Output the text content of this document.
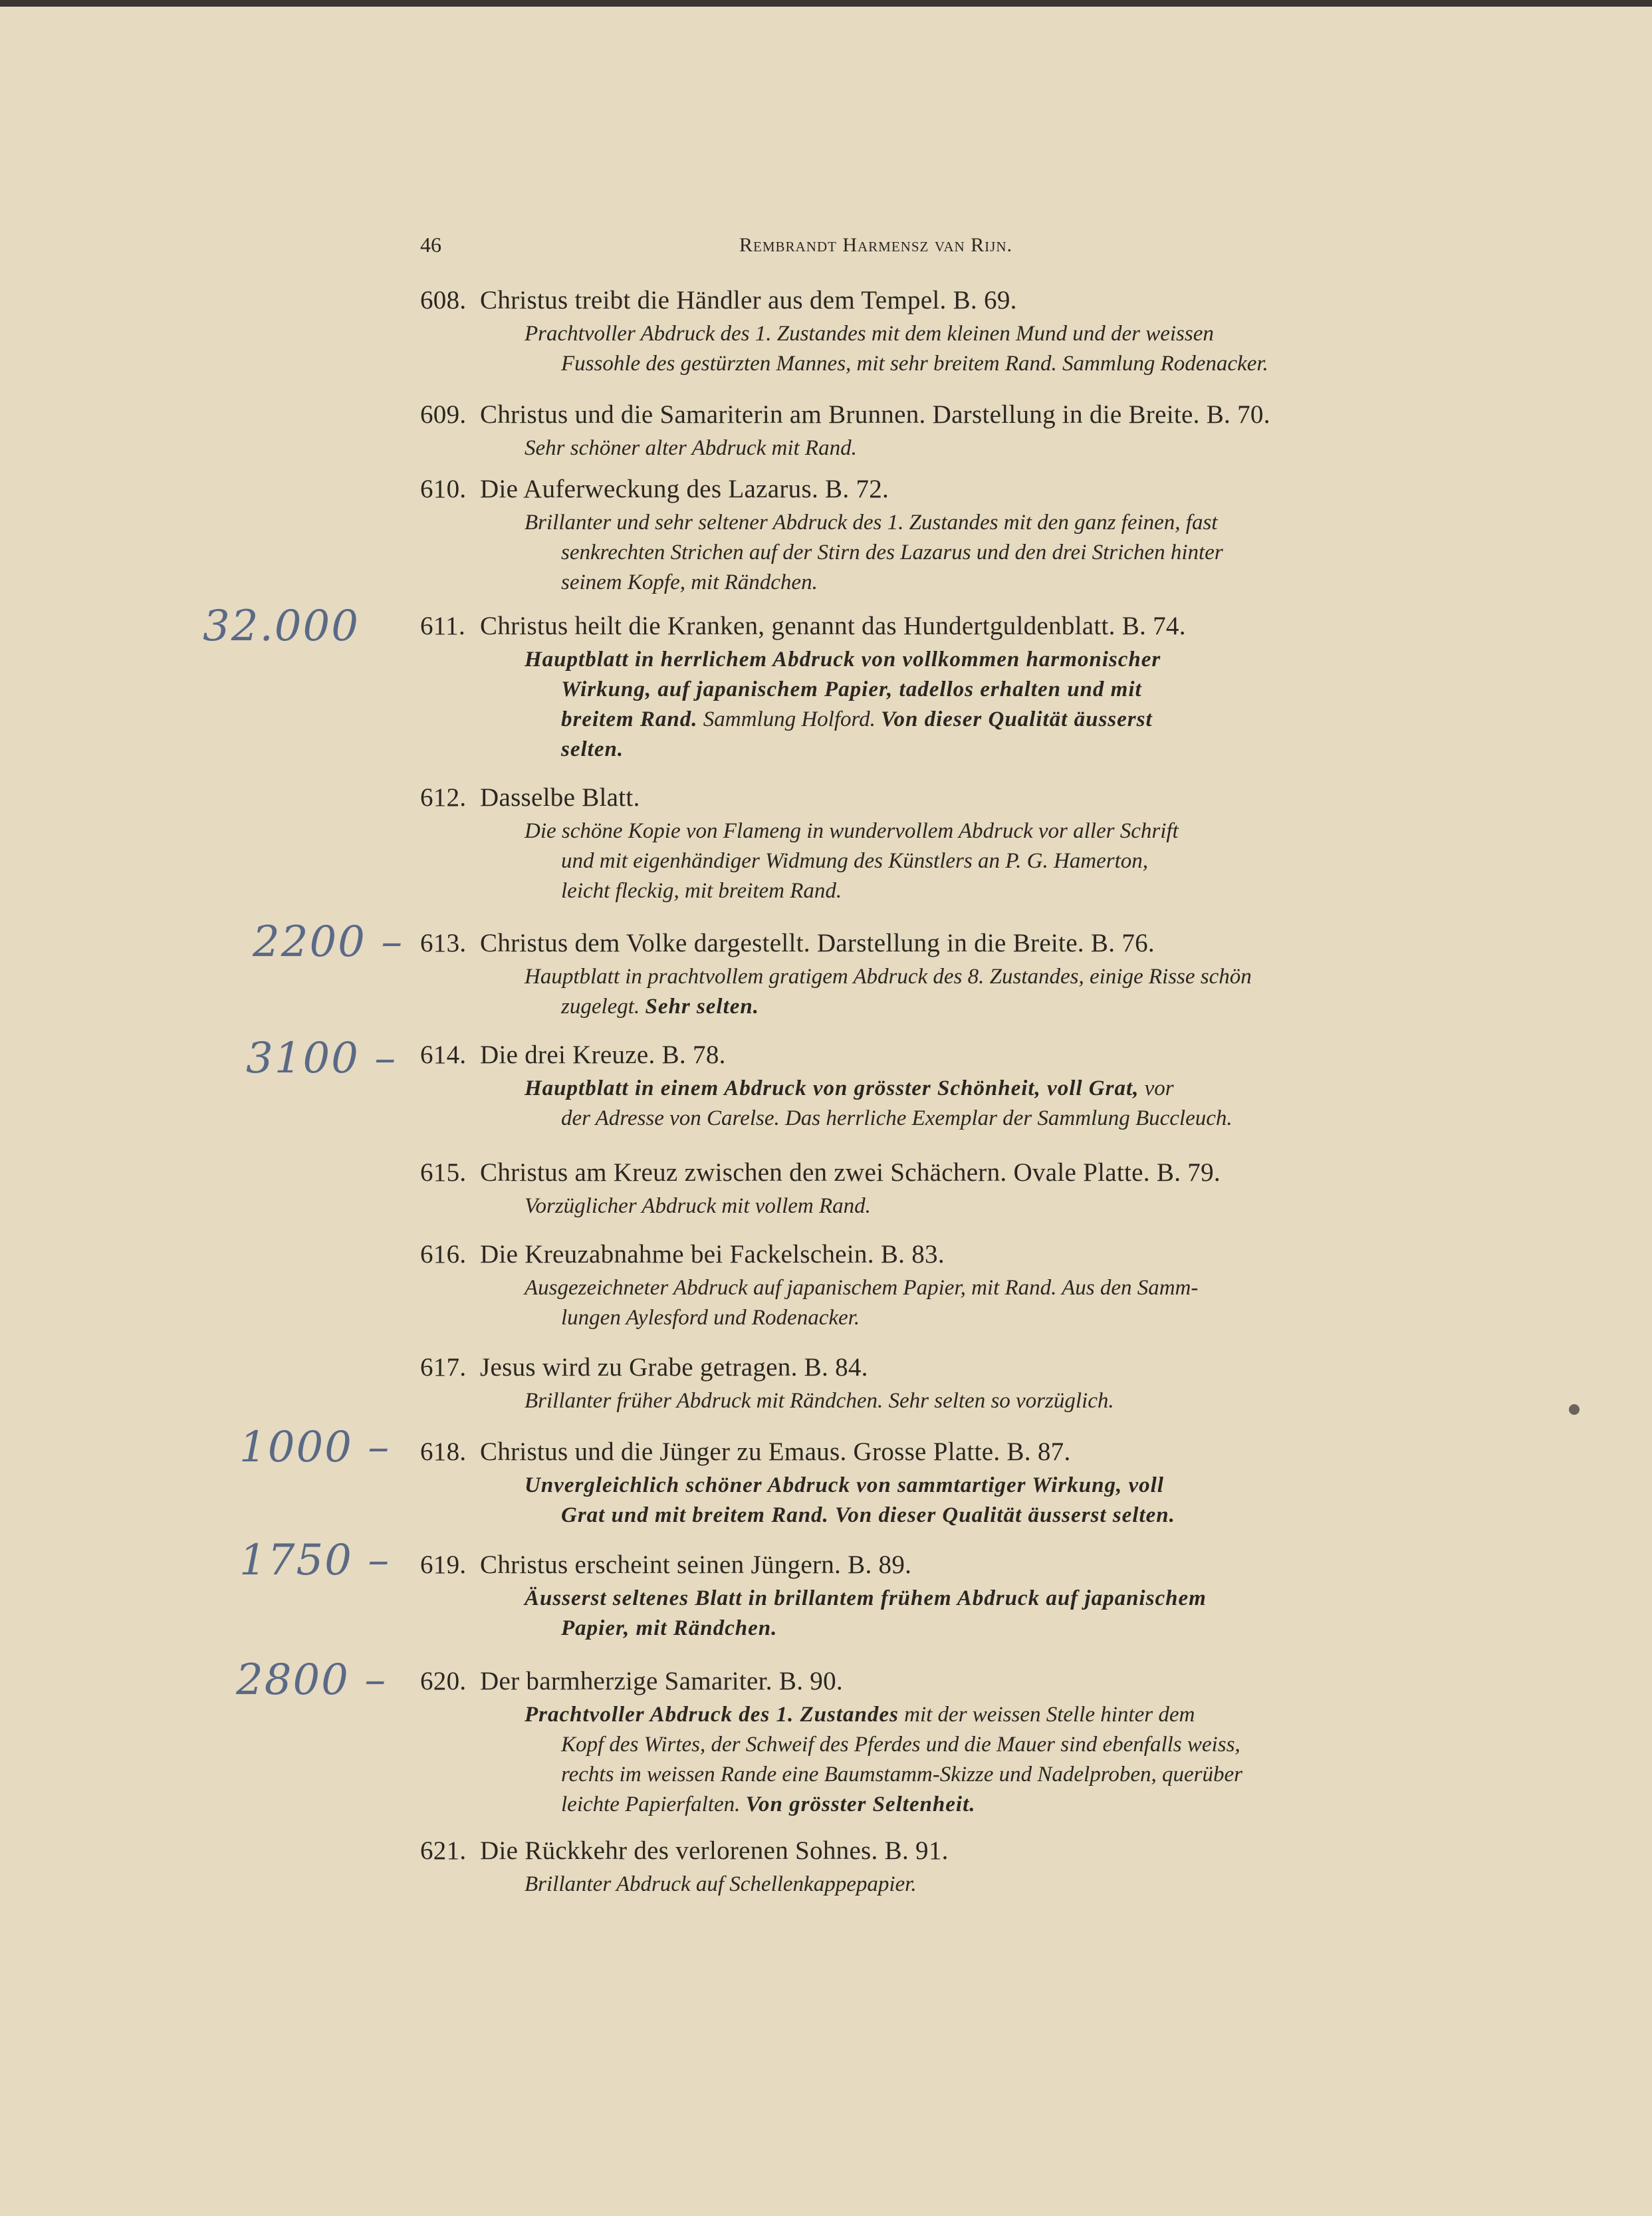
46	Rembrandt Harmensz van Rijn.
608. Christus treibt die Händler aus dem Tempel. B. 69.
Prachtvoller Abdruck des 1. Zustandes mit dem kleinen Mund und der weissen
Fussohle des gestürzten Mannes, mit sehr breitem Rand. Sammlung Rodenacker.
609. Christus und die Samariterin am Brunnen. Darstellung in die Breite. B. 70.
Sehr schöner alter Abdruck mit Rand.
610. Die Auferweckung des Lazarus. B. 72.
Brillanter und sehr seltener Abdruck des 1. Zustandes mit den ganz feinen, fast
senkrechten Strichen auf der Stirn des Lazarus und den drei Strichen hinter
seinem Kopfe, mit Rändchen.
611. Christus heilt die Kranken, genannt das Hundertguldenblatt. B. 74.
Hauptblatt in herrlichem Abdruck von vollkommen harmonischer
Wirkung, auf japanischem Papier, tadellos erhalten und mit
breitem Rand. Sammlung Holford. Von dieser Qualität äusserst
selten.
612. Dasselbe Blatt.
Die schöne Kopie von Flameng in wundervollem Abdruck vor aller Schrift
und mit eigenhändiger Widmung des Künstlers an P. G. Hamerton,
leicht fleckig, mit breitem Rand.
613. Christus dem Volke dargestellt. Darstellung in die Breite. B. 76.
Hauptblatt in prachtvollem gratigem Abdruck des 8. Zustandes, einige Risse schön
zugelegt. Sehr selten.
614. Die drei Kreuze. B. 78.
Hauptblatt in einem Abdruck von grösster Schönheit, voll Grat, vor
der Adresse von Carelse. Das herrliche Exemplar der Sammlung Buccleuch.
615. Christus am Kreuz zwischen den zwei Schächern. Ovale Platte. B. 79.
Vorzüglicher Abdruck mit vollem Rand.
616. Die Kreuzabnahme bei Fackelschein. B. 83.
Ausgezeichneter Abdruck auf japanischem Papier, mit Rand. Aus den Samm-
lungen Aylesford und Rodenacker.
617. Jesus wird zu Grabe getragen. B. 84.
Brillanter früher Abdruck mit Rändchen. Sehr selten so vorzüglich.
618. Christus und die Jünger zu Emaus. Grosse Platte. B. 87.
Unvergleichlich schöner Abdruck von sammtartiger Wirkung, voll
Grat und mit breitem Rand. Von dieser Qualität äusserst selten.
619. Christus erscheint seinen Jüngern. B. 89.
Äusserst seltenes Blatt in brillantem frühem Abdruck auf japanischem
Papier, mit Rändchen.
620. Der barmherzige Samariter. B. 90.
Prachtvoller Abdruck des 1. Zustandes mit der weissen Stelle hinter dem
Kopf des Wirtes, der Schweif des Pferdes und die Mauer sind ebenfalls weiss,
rechts im weissen Rande eine Baumstamm-Skizze und Nadelproben, querüber
leichte Papierfalten. Von grösster Seltenheit.
621. Die Rückkehr des verlorenen Sohnes. B. 91.
Brillanter Abdruck auf Schellenkappepapier.
32.000
2200 –
3100 –
1000 –
1750 –
2800 –
